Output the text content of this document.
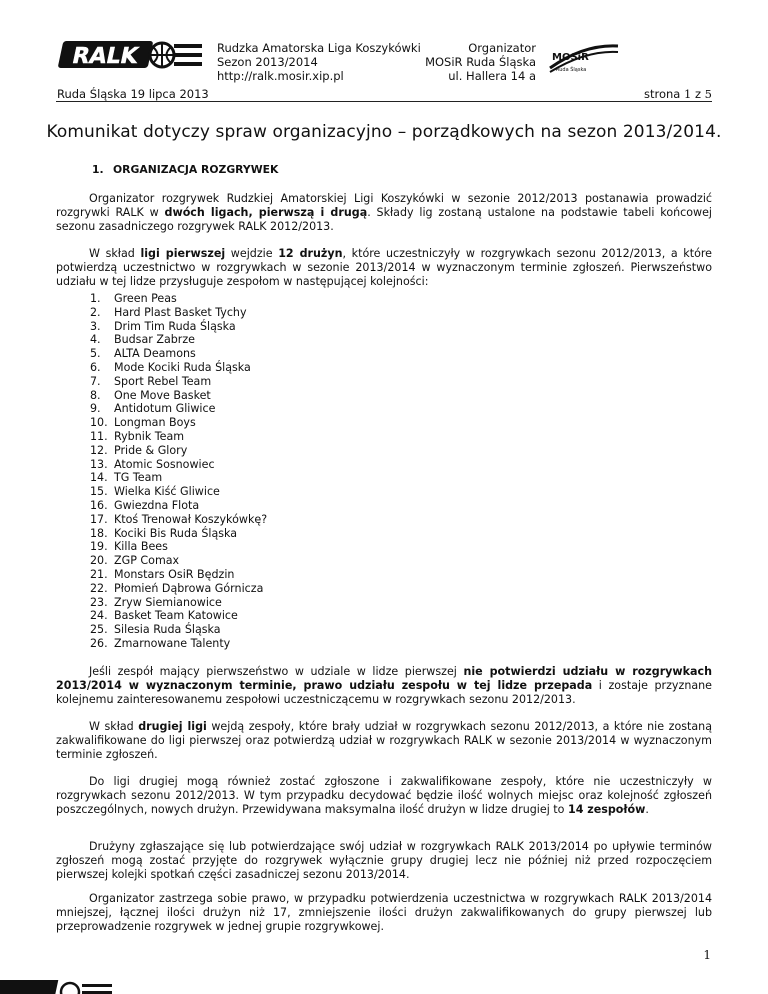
RALK	Rudzka Amatorska Liga Koszykówki
Sezon 2013/2014
http://ralk.mosir.xip.pl
Organizator
MOSiR Ruda Śląska
ul. Hallera 14 a
MOSiR
Ruda Śląska
Ruda Śląska 19 lipca 2013	strona 1 z 5
Komunikat dotyczy spraw organizacyjno – porządkowych na sezon 2013/2014.
1. ORGANIZACJA ROZGRYWEK
Organizator rozgrywek Rudzkiej Amatorskiej Ligi Koszykówki w sezonie 2012/2013 postanawia prowadzić rozgrywki RALK w dwóch ligach, pierwszą i drugą. Składy lig zostaną ustalone na podstawie tabeli końcowej sezonu zasadniczego rozgrywek RALK 2012/2013.
W skład ligi pierwszej wejdzie 12 drużyn, które uczestniczyły w rozgrywkach sezonu 2012/2013, a które potwierdzą uczestnictwo w rozgrywkach w sezonie 2013/2014 w wyznaczonym terminie zgłoszeń. Pierwszeństwo udziału w tej lidze przysługuje zespołom w następującej kolejności:
1. Green Peas
2. Hard Plast Basket Tychy
3. Drim Tim Ruda Śląska
4. Budsar Zabrze
5. ALTA Deamons
6. Mode Kociki Ruda Śląska
7. Sport Rebel Team
8. One Move Basket
9. Antidotum Gliwice
10. Longman Boys
11. Rybnik Team
12. Pride & Glory
13. Atomic Sosnowiec
14. TG Team
15. Wielka Kiść Gliwice
16. Gwiezdna Flota
17. Ktoś Trenował Koszykówkę?
18. Kociki Bis Ruda Śląska
19. Killa Bees
20. ZGP Comax
21. Monstars OsiR Będzin
22. Płomień Dąbrowa Górnicza
23. Zryw Siemianowice
24. Basket Team Katowice
25. Silesia Ruda Śląska
26. Zmarnowane Talenty
Jeśli zespół mający pierwszeństwo w udziale w lidze pierwszej nie potwierdzi udziału w rozgrywkach 2013/2014 w wyznaczonym terminie, prawo udziału zespołu w tej lidze przepada i zostaje przyznane kolejnemu zainteresowanemu zespołowi uczestniczącemu w rozgrywkach sezonu 2012/2013.
W skład drugiej ligi wejdą zespoły, które brały udział w rozgrywkach sezonu 2012/2013, a które nie zostaną zakwalifikowane do ligi pierwszej oraz potwierdzą udział w rozgrywkach RALK w sezonie 2013/2014 w wyznaczonym terminie zgłoszeń.
Do ligi drugiej mogą również zostać zgłoszone i zakwalifikowane zespoły, które nie uczestniczyły w rozgrywkach sezonu 2012/2013. W tym przypadku decydować będzie ilość wolnych miejsc oraz kolejność zgłoszeń poszczególnych, nowych drużyn. Przewidywana maksymalna ilość drużyn w lidze drugiej to 14 zespołów.
Drużyny zgłaszające się lub potwierdzające swój udział w rozgrywkach RALK 2013/2014 po upływie terminów zgłoszeń mogą zostać przyjęte do rozgrywek wyłącznie grupy drugiej lecz nie później niż przed rozpoczęciem pierwszej kolejki spotkań części zasadniczej sezonu 2013/2014.
Organizator zastrzega sobie prawo, w przypadku potwierdzenia uczestnictwa w rozgrywkach RALK 2013/2014 mniejszej, łącznej ilości drużyn niż 17, zmniejszenie ilości drużyn zakwalifikowanych do grupy pierwszej lub przeprowadzenie rozgrywek w jednej grupie rozgrywkowej.
1
